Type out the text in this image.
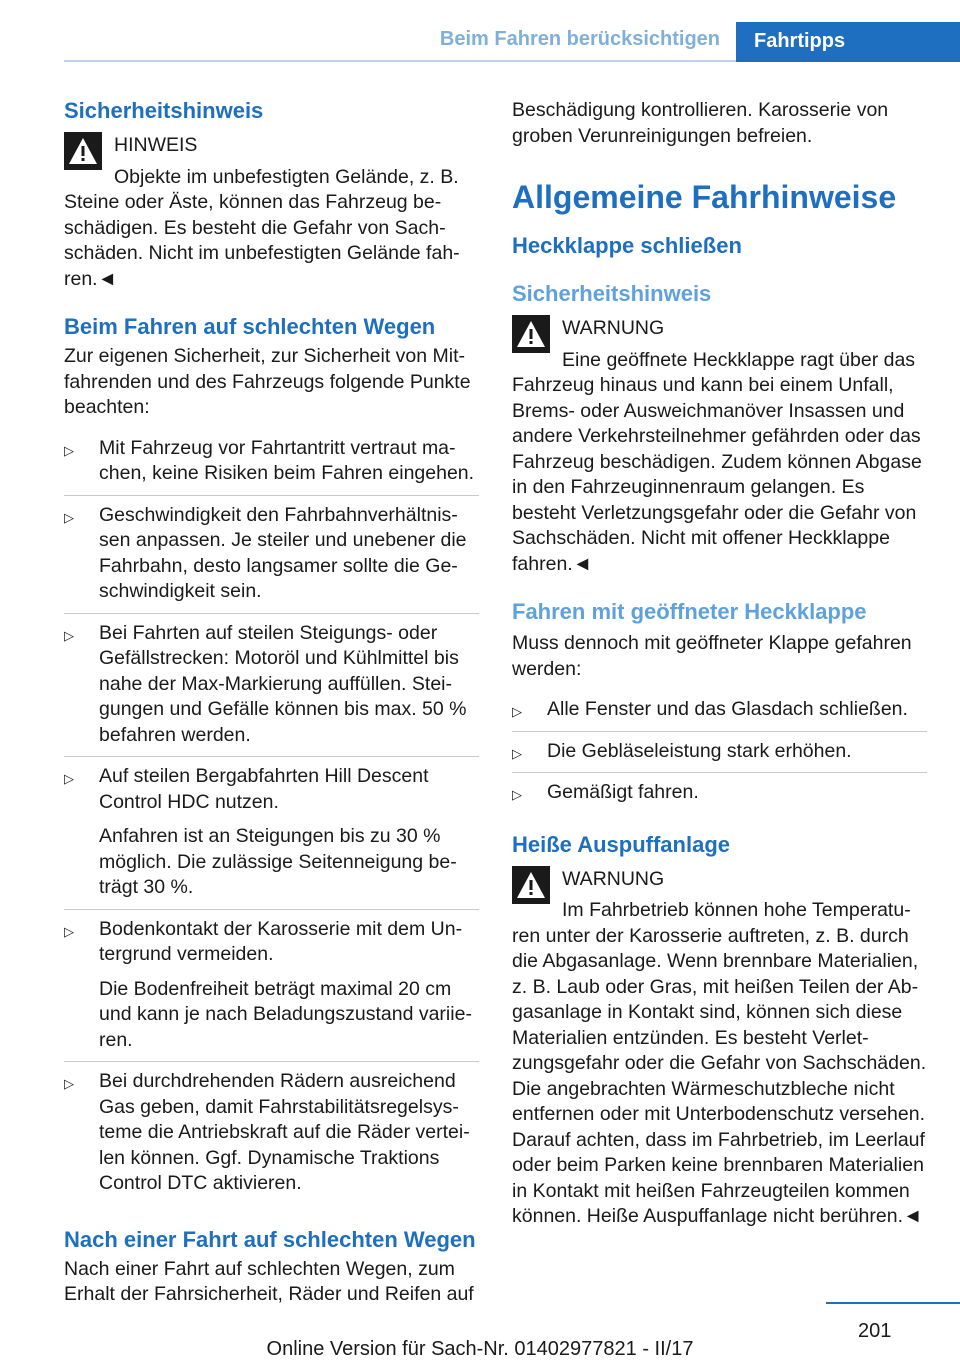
Beim Fahren berücksichtigen	Fahrtipps
Sicherheitshinweis
HINWEIS
Objekte im unbefestigten Gelände, z. B. Steine oder Äste, können das Fahrzeug beschädigen. Es besteht die Gefahr von Sachschäden. Nicht im unbefestigten Gelände fahren.◄
Beim Fahren auf schlechten Wegen

Zur eigenen Sicherheit, zur Sicherheit von Mitfahrenden und des Fahrzeugs folgende Punkte beachten:

▷ Mit Fahrzeug vor Fahrtantritt vertraut machen, keine Risiken beim Fahren eingehen.
▷ Geschwindigkeit den Fahrbahnverhältnissen anpassen. Je steiler und unebener die Fahrbahn, desto langsamer sollte die Geschwindigkeit sein.
▷ Bei Fahrten auf steilen Steigungs- oder Gefällstrecken: Motoröl und Kühlmittel bis nahe der Max-Markierung auffüllen. Steigungen und Gefälle können bis max. 50 % befahren werden.
▷ Auf steilen Bergabfahrten Hill Descent Control HDC nutzen.
Anfahren ist an Steigungen bis zu 30 % möglich. Die zulässige Seitenneigung beträgt 30 %.
▷ Bodenkontakt der Karosserie mit dem Untergrund vermeiden.
Die Bodenfreiheit beträgt maximal 20 cm und kann je nach Beladungszustand variieren.
▷ Bei durchdrehenden Rädern ausreichend Gas geben, damit Fahrstabilitätsregelsysteme die Antriebskraft auf die Räder verteilen können. Ggf. Dynamische Traktions Control DTC aktivieren.
Nach einer Fahrt auf schlechten Wegen

Nach einer Fahrt auf schlechten Wegen, zum Erhalt der Fahrsicherheit, Räder und Reifen auf

Beschädigung kontrollieren. Karosserie von groben Verunreinigungen befreien.

Allgemeine Fahrhinweise
Heckklappe schließen
Sicherheitshinweis
WARNUNG
Eine geöffnete Heckklappe ragt über das Fahrzeug hinaus und kann bei einem Unfall, Brems- oder Ausweichmanöver Insassen und andere Verkehrsteilnehmer gefährden oder das Fahrzeug beschädigen. Zudem können Abgase in den Fahrzeuginnenraum gelangen. Es besteht Verletzungsgefahr oder die Gefahr von Sachschäden. Nicht mit offener Heckklappe fahren.◄
Fahren mit geöffneter Heckklappe

Muss dennoch mit geöffneter Klappe gefahren werden:

▷ Alle Fenster und das Glasdach schließen.
▷ Die Gebläseleistung stark erhöhen.
▷ Gemäßigt fahren.
Heiße Auspuffanlage
WARNUNG
Im Fahrbetrieb können hohe Temperaturen unter der Karosserie auftreten, z. B. durch die Abgasanlage. Wenn brennbare Materialien, z. B. Laub oder Gras, mit heißen Teilen der Abgasanlage in Kontakt sind, können sich diese Materialien entzünden. Es besteht Verletzungsgefahr oder die Gefahr von Sachschäden. Die angebrachten Wärmeschutzbleche nicht entfernen oder mit Unterbodenschutz versehen. Darauf achten, dass im Fahrbetrieb, im Leerlauf oder beim Parken keine brennbaren Materialien in Kontakt mit heißen Fahrzeugteilen kommen können. Heiße Auspuffanlage nicht berühren.◄
201
Online Version für Sach-Nr. 01402977821 - II/17
